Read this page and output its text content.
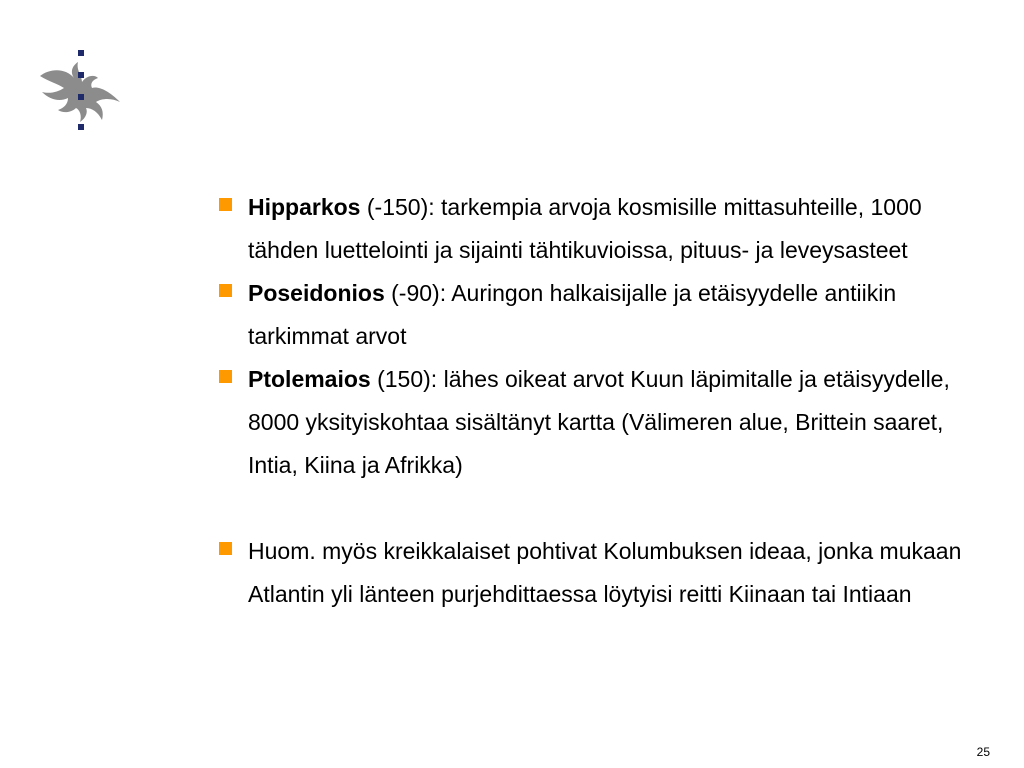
Hipparkos (-150): tarkempia arvoja kosmisille mittasuhteille, 1000 tähden luettelointi ja sijainti tähtikuvioissa, pituus- ja leveysasteet
Poseidonios (-90): Auringon halkaisijalle ja etäisyydelle antiikin tarkimmat arvot
Ptolemaios (150): lähes oikeat arvot Kuun läpimitalle ja etäisyydelle, 8000 yksityiskohtaa sisältänyt kartta (Välimeren alue, Brittein saaret, Intia, Kiina ja Afrikka)
Huom. myös kreikkalaiset pohtivat Kolumbuksen ideaa, jonka mukaan Atlantin yli länteen purjehdittaessa löytyisi reitti Kiinaan tai Intiaan
25
